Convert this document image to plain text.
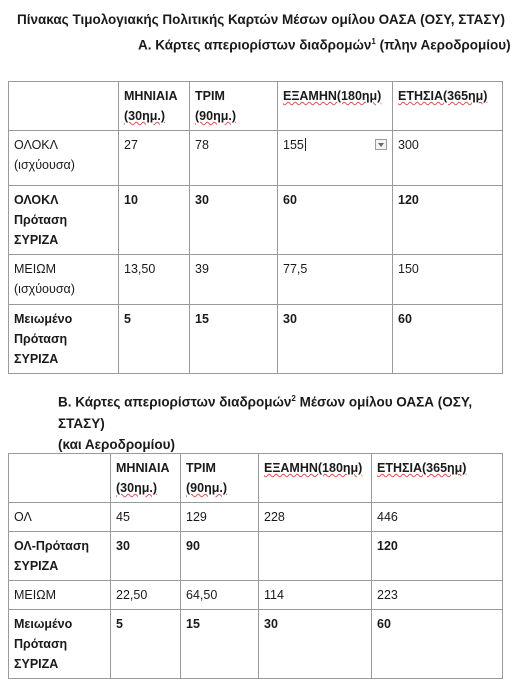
Πίνακας Τιμολογιακής Πολιτικής Καρτών Μέσων ομίλου ΟΑΣΑ (ΟΣΥ, ΣΤΑΣΥ)
Α. Κάρτες απεριορίστων διαδρομών$^1$ (πλην Αεροδρομίου)
	ΜΗΝΙΑΙΑ
(30ημ.)	ΤΡΙΜ
(90ημ.)	ΕΞΑΜΗΝ(180ημ)	ΕΤΗΣΙΑ(365ημ)
ΟΛΟΚΛ
(ισχύουσα)	27	78	155	300
ΟΛΟΚΛ
Πρόταση
ΣΥΡΙΖΑ	10	30	60	120
ΜΕΙΩΜ
(ισχύουσα)	13,50	39	77,5	150
Μειωμένο
Πρόταση
ΣΥΡΙΖΑ	5	15	30	60
Β. Κάρτες απεριορίστων διαδρομών$^2$ Μέσων ομίλου ΟΑΣΑ (ΟΣΥ, ΣΤΑΣΥ)
(και Αεροδρομίου)
	ΜΗΝΙΑΙΑ
(30ημ.)	ΤΡΙΜ
(90ημ.)	ΕΞΑΜΗΝ(180ημ)	ΕΤΗΣΙΑ(365ημ)
ΟΛ	45	129	228	446
ΟΛ-Πρόταση
ΣΥΡΙΖΑ	30	90		120
ΜΕΙΩΜ	22,50	64,50	114	223
Μειωμένο
Πρόταση
ΣΥΡΙΖΑ	5	15	30	60
